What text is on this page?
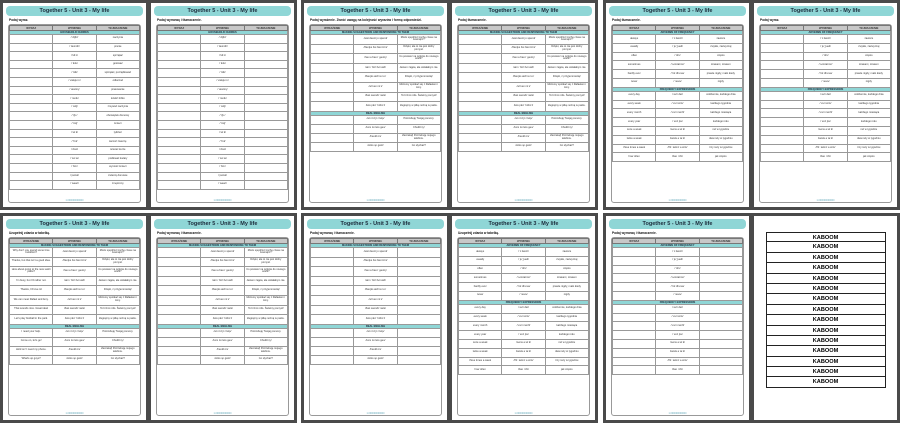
Together 5 - Unit 3 - My life
Podaj wyraz.
WYRAZ	WYMOWA	TŁUMACZENIE
HOUSEHOLD CHORES		
	/ˈdɪʃɪz/	naczynia
	/ˈlaʊndri/	pranie
	/ˈkliːn/	sprzątać
	/ˈkʊk/	gotować
	/ˈtɪdi/	sprzątać, porządkować
	/ˈvækjuːm/	odkurzać
	/ˈaɪənɪŋ/	prasowanie
	/ˈmeɪk/	ścielić łóżko
	/ˈwɒʃ/	zmywać naczynia
	/ˈtʃɔː/	obowiązek domowy
	/ˈtrʌʃ/	śmieci
	/ˈwiːk/	tydzień
	/ˈfiːd/	karmić zwierzę
	/ˈdʌst/	ścierać kurze
	/ˈwɔːtə/	podlewać kwiaty
	/ˈbɪn/	wynosić śmieci
	/ˈpetrəl/	zwierzę domowe
	/ˈweəri/	zmęczony
1.000000000000
Together 5 - Unit 3 - My life
Podaj wymowę i tłumaczenie.
WYRAZ	WYMOWA	TŁUMACZENIE
HOUSEHOLD CHORES		
	/ˈdɪʃɪz/	
	/ˈlaʊndri/	
	/ˈkliːn/	
	/ˈkʊk/	
	/ˈtɪdi/	
	/ˈvækjuːm/	
	/ˈaɪənɪŋ/	
	/ˈmeɪk/	
	/ˈwɒʃ/	
	/ˈtʃɔː/	
	/ˈtrʌʃ/	
	/ˈwiːk/	
	/ˈfiːd/	
	/ˈdʌst/	
	/ˈwɔːtə/	
	/ˈbɪn/	
	/ˈpetrəl/	
	/ˈweəri/	
1.000000000000
Together 5 - Unit 3 - My life
Podaj wyrażenie. Zwróć uwagę na kolejność wyrazów i formę odpowiedzi.
WYRAŻENIE	WYMOWA	TŁUMACZENIE
MAKING SUGGESTIONS AND RESPONDING TO THEM		
	/waɪ dəʊnt jʊ spend/	Może spędzisz trochę czasu na zewnątrz?
	/θæŋks bʌt ðæt ɪznt/	Dzięki, ale to nie jest dobry pomysł.
	/haʊ əˈbaʊt ˈɡəʊɪŋ/	Co powiesz na pójście do nowego sushi?
	/aɪm ˈbɪzi bʌt aɪd/	Jestem zajęta, ale wolałabym nie.
	/θæŋks aɪd lʌv tuː/	Dzięki, z przyjemnością!
	/wi kən miːt/	Możemy spotkać się z Rafaelem i Amy.
	/ðæt saʊndz naɪs/	To brzmi miło. Świetny pomysł!
	/lets pleɪ ˈfʊtbɔːl/	Zagrajmy w piłkę nożną w parku.
REAL ENGLISH		
	/aɪ niːd jɔː help/	Potrzebuję Twojej pomocy.
	/kʌm ɒn lets ɡəʊ/	Chodźmy!
	/həʊld ɒn/	Zaczekaj! Potrzebuję mojego telefonu.
	/wɒts ʌp ɡaɪz/	Co słychać?
1.000000000000
Together 5 - Unit 3 - My life
Podaj tłumaczenie.
WYRAŻENIE	WYMOWA	TŁUMACZENIE
MAKING SUGGESTIONS AND RESPONDING TO THEM		
	/waɪ dəʊnt jʊ spend/	Może spędzisz trochę czasu na zewnątrz?
	/θæŋks bʌt ðæt ɪznt/	Dzięki, ale to nie jest dobry pomysł.
	/haʊ əˈbaʊt ˈɡəʊɪŋ/	Co powiesz na pójście do nowego sushi?
	/aɪm ˈbɪzi bʌt aɪd/	Jestem zajęta, ale wolałabym nie.
	/θæŋks aɪd lʌv tuː/	Dzięki, z przyjemnością!
	/wi kən miːt/	Możemy spotkać się z Rafaelem i Amy.
	/ðæt saʊndz naɪs/	To brzmi miło. Świetny pomysł!
	/lets pleɪ ˈfʊtbɔːl/	Zagrajmy w piłkę nożną w parku.
REAL ENGLISH		
	/aɪ niːd jɔː help/	Potrzebuję Twojej pomocy.
	/kʌm ɒn lets ɡəʊ/	Chodźmy!
	/həʊld ɒn/	Zaczekaj! Potrzebuję mojego telefonu.
	/wɒts ʌp ɡaɪz/	Co słychać?
1.000000000000
Together 5 - Unit 3 - My life
Podaj tłumaczenie.
WYRAZ	WYMOWA	TŁUMACZENIE
ADVERBS OF FREQUENCY		
always	/ˈɔːlweɪz/	zawsze
usually	/ˈjuːʒuəli/	zwykle, zazwyczaj
often	/ˈɒfn/	często
sometimes	/ˈsʌmtaɪmz/	czasami, czasem
hardly ever	/ˈhɑːdli evə/	prawie nigdy, mało kiedy
never	/ˈnevə/	nigdy
FREQUENCY EXPRESSIONS		
every day	/ˈevri deɪ/	codziennie, każdego dnia
every week	/ˈevri wiːk/	każdego tygodnia
every month	/ˈevri mʌnθ/	każdego miesiąca
every year	/ˈevri jɪə/	każdego roku
once a week	/wʌns ə wiːk/	raz w tygodniu
twice a week	/twaɪs ə wiːk/	dwa razy w tygodniu
three times a week	/θriː taɪmz ə wiːk/	trzy razy w tygodniu
how often	/haʊ ˈɒfn/	jak często
1.000000000000
Together 5 - Unit 3 - My life
Podaj wyraz.
WYRAZ	WYMOWA	TŁUMACZENIE
ADVERBS OF FREQUENCY		
	/ˈɔːlweɪz/	zawsze
	/ˈjuːʒuəli/	zwykle, zazwyczaj
	/ˈɒfn/	często
	/ˈsʌmtaɪmz/	czasami, czasem
	/ˈhɑːdli evə/	prawie nigdy, mało kiedy
	/ˈnevə/	nigdy
FREQUENCY EXPRESSIONS		
	/ˈevri deɪ/	codziennie, każdego dnia
	/ˈevri wiːk/	każdego tygodnia
	/ˈevri mʌnθ/	każdego miesiąca
	/ˈevri jɪə/	każdego roku
	/wʌns ə wiːk/	raz w tygodniu
	/twaɪs ə wiːk/	dwa razy w tygodniu
	/θriː taɪmz ə wiːk/	trzy razy w tygodniu
	/haʊ ˈɒfn/	jak często
1.000000000000
Together 5 - Unit 3 - My life
Uzupełnij zdania w tabelkę.
WYRAŻENIE	WYMOWA	TŁUMACZENIE
MAKING SUGGESTIONS AND RESPONDING TO THEM		
Why don't you spend some time outdoors?	/waɪ dəʊnt jʊ spend/	Może spędzisz trochę czasu na zewnątrz?
Thanks, but that isn't a good idea.	/θæŋks bʌt ðæt ɪznt/	Dzięki, ale to nie jest dobry pomysł.
How about going to the new sushi place?	/haʊ əˈbaʊt ˈɡəʊɪŋ/	Co powiesz na pójście do nowego sushi?
I'm busy, but I'd rather not.	/aɪm ˈbɪzi bʌt aɪd/	Jestem zajęta, ale wolałabym nie.
Thanks, I'd love to!	/θæŋks aɪd lʌv tuː/	Dzięki, z przyjemnością!
We can meet Rafael and Amy.	/wi kən miːt/	Możemy spotkać się z Rafaelem i Amy.
That sounds nice. Great idea!	/ðæt saʊndz naɪs/	To brzmi miło. Świetny pomysł!
Let's play football in the park.	/lets pleɪ ˈfʊtbɔːl/	Zagrajmy w piłkę nożną w parku.
REAL ENGLISH		
I need your help.	/aɪ niːd jɔː help/	Potrzebuję Twojej pomocy.
Come on, let's go!	/kʌm ɒn lets ɡəʊ/	Chodźmy!
Hold on! I need my phone.	/həʊld ɒn/	Zaczekaj! Potrzebuję mojego telefonu.
What's up guys?	/wɒts ʌp ɡaɪz/	Co słychać?
1.000000000000
Together 5 - Unit 3 - My life
Podaj wymowę i tłumaczenie.
WYRAŻENIE	WYMOWA	TŁUMACZENIE
MAKING SUGGESTIONS AND RESPONDING TO THEM		
	/waɪ dəʊnt jʊ spend/	Może spędzisz trochę czasu na zewnątrz?
	/θæŋks bʌt ðæt ɪznt/	Dzięki, ale to nie jest dobry pomysł.
	/haʊ əˈbaʊt ˈɡəʊɪŋ/	Co powiesz na pójście do nowego sushi?
	/aɪm ˈbɪzi bʌt aɪd/	Jestem zajęta, ale wolałabym nie.
	/θæŋks aɪd lʌv tuː/	Dzięki, z przyjemnością!
	/wi kən miːt/	Możemy spotkać się z Rafaelem i Amy.
	/ðæt saʊndz naɪs/	To brzmi miło. Świetny pomysł!
	/lets pleɪ ˈfʊtbɔːl/	Zagrajmy w piłkę nożną w parku.
REAL ENGLISH		
	/aɪ niːd jɔː help/	Potrzebuję Twojej pomocy.
	/kʌm ɒn lets ɡəʊ/	Chodźmy!
	/həʊld ɒn/	Zaczekaj! Potrzebuję mojego telefonu.
	/wɒts ʌp ɡaɪz/	Co słychać?
1.000000000000
Together 5 - Unit 3 - My life
Podaj wymowę i tłumaczenie.
WYRAŻENIE	WYMOWA	TŁUMACZENIE
MAKING SUGGESTIONS AND RESPONDING TO THEM		
	/waɪ dəʊnt jʊ spend/	
	/θæŋks bʌt ðæt ɪznt/	
	/haʊ əˈbaʊt ˈɡəʊɪŋ/	
	/aɪm ˈbɪzi bʌt aɪd/	
	/θæŋks aɪd lʌv tuː/	
	/wi kən miːt/	
	/ðæt saʊndz naɪs/	
	/lets pleɪ ˈfʊtbɔːl/	
REAL ENGLISH		
	/aɪ niːd jɔː help/	
	/kʌm ɒn lets ɡəʊ/	
	/həʊld ɒn/	
	/wɒts ʌp ɡaɪz/	
1.000000000000
Together 5 - Unit 3 - My life
Uzupełnij zdania w tabelkę.
WYRAZ	WYMOWA	TŁUMACZENIE
ADVERBS OF FREQUENCY		
always	/ˈɔːlweɪz/	zawsze
usually	/ˈjuːʒuəli/	zwykle, zazwyczaj
often	/ˈɒfn/	często
sometimes	/ˈsʌmtaɪmz/	czasami, czasem
hardly ever	/ˈhɑːdli evə/	prawie nigdy, mało kiedy
never	/ˈnevə/	nigdy
FREQUENCY EXPRESSIONS		
every day	/ˈevri deɪ/	codziennie, każdego dnia
every week	/ˈevri wiːk/	każdego tygodnia
every month	/ˈevri mʌnθ/	każdego miesiąca
every year	/ˈevri jɪə/	każdego roku
once a week	/wʌns ə wiːk/	raz w tygodniu
twice a week	/twaɪs ə wiːk/	dwa razy w tygodniu
three times a week	/θriː taɪmz ə wiːk/	trzy razy w tygodniu
how often	/haʊ ˈɒfn/	jak często
1.000000000000
Together 5 - Unit 3 - My life
Podaj wymowę i tłumaczenie.
WYRAZ	WYMOWA	TŁUMACZENIE
ADVERBS OF FREQUENCY		
	/ˈɔːlweɪz/	
	/ˈjuːʒuəli/	
	/ˈɒfn/	
	/ˈsʌmtaɪmz/	
	/ˈhɑːdli evə/	
	/ˈnevə/	
FREQUENCY EXPRESSIONS		
	/ˈevri deɪ/	
	/ˈevri wiːk/	
	/ˈevri mʌnθ/	
	/ˈevri jɪə/	
	/wʌns ə wiːk/	
	/twaɪs ə wiːk/	
	/θriː taɪmz ə wiːk/	
	/haʊ ˈɒfn/	
1.000000000000
KABOOM
KABOOM
KABOOM
KABOOM
KABOOM
KABOOM
KABOOM
KABOOM
KABOOM
KABOOM
KABOOM
KABOOM
KABOOM
KABOOM
KABOOM
